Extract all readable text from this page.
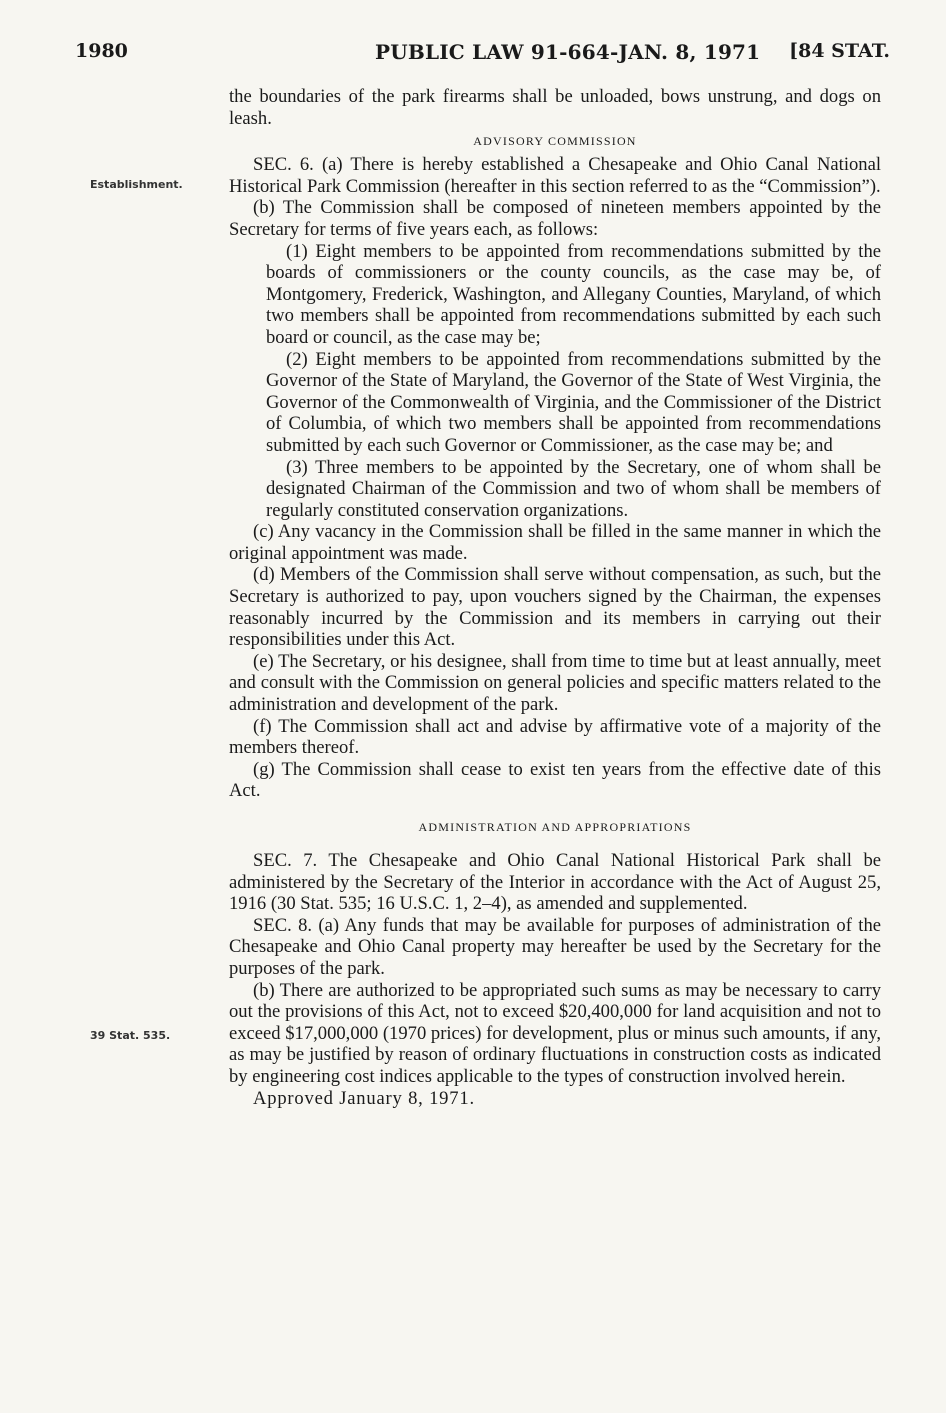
1980	PUBLIC LAW 91-664-JAN. 8, 1971 [84 STAT.
Establishment.
39 Stat. 535.

the boundaries of the park firearms shall be unloaded, bows unstrung, and dogs on leash.

ADVISORY COMMISSION

SEC. 6. (a) There is hereby established a Chesapeake and Ohio Canal National Historical Park Commission (hereafter in this section referred to as the “Commission”).

(b) The Commission shall be composed of nineteen members appointed by the Secretary for terms of five years each, as follows:

(1) Eight members to be appointed from recommendations submitted by the boards of commissioners or the county councils, as the case may be, of Montgomery, Frederick, Washington, and Allegany Counties, Maryland, of which two members shall be appointed from recommendations submitted by each such board or council, as the case may be;

(2) Eight members to be appointed from recommendations submitted by the Governor of the State of Maryland, the Governor of the State of West Virginia, the Governor of the Commonwealth of Virginia, and the Commissioner of the District of Columbia, of which two members shall be appointed from recommendations submitted by each such Governor or Commissioner, as the case may be; and

(3) Three members to be appointed by the Secretary, one of whom shall be designated Chairman of the Commission and two of whom shall be members of regularly constituted conservation organizations.

(c) Any vacancy in the Commission shall be filled in the same manner in which the original appointment was made.

(d) Members of the Commission shall serve without compensation, as such, but the Secretary is authorized to pay, upon vouchers signed by the Chairman, the expenses reasonably incurred by the Commission and its members in carrying out their responsibilities under this Act.

(e) The Secretary, or his designee, shall from time to time but at least annually, meet and consult with the Commission on general policies and specific matters related to the administration and development of the park.

(f) The Commission shall act and advise by affirmative vote of a majority of the members thereof.

(g) The Commission shall cease to exist ten years from the effective date of this Act.

ADMINISTRATION AND APPROPRIATIONS

SEC. 7. The Chesapeake and Ohio Canal National Historical Park shall be administered by the Secretary of the Interior in accordance with the Act of August 25, 1916 (30 Stat. 535; 16 U.S.C. 1, 2–4), as amended and supplemented.

SEC. 8. (a) Any funds that may be available for purposes of administration of the Chesapeake and Ohio Canal property may hereafter be used by the Secretary for the purposes of the park.

(b) There are authorized to be appropriated such sums as may be necessary to carry out the provisions of this Act, not to exceed $20,400,000 for land acquisition and not to exceed $17,000,000 (1970 prices) for development, plus or minus such amounts, if any, as may be justified by reason of ordinary fluctuations in construction costs as indicated by engineering cost indices applicable to the types of construction involved herein.

Approved January 8, 1971.
